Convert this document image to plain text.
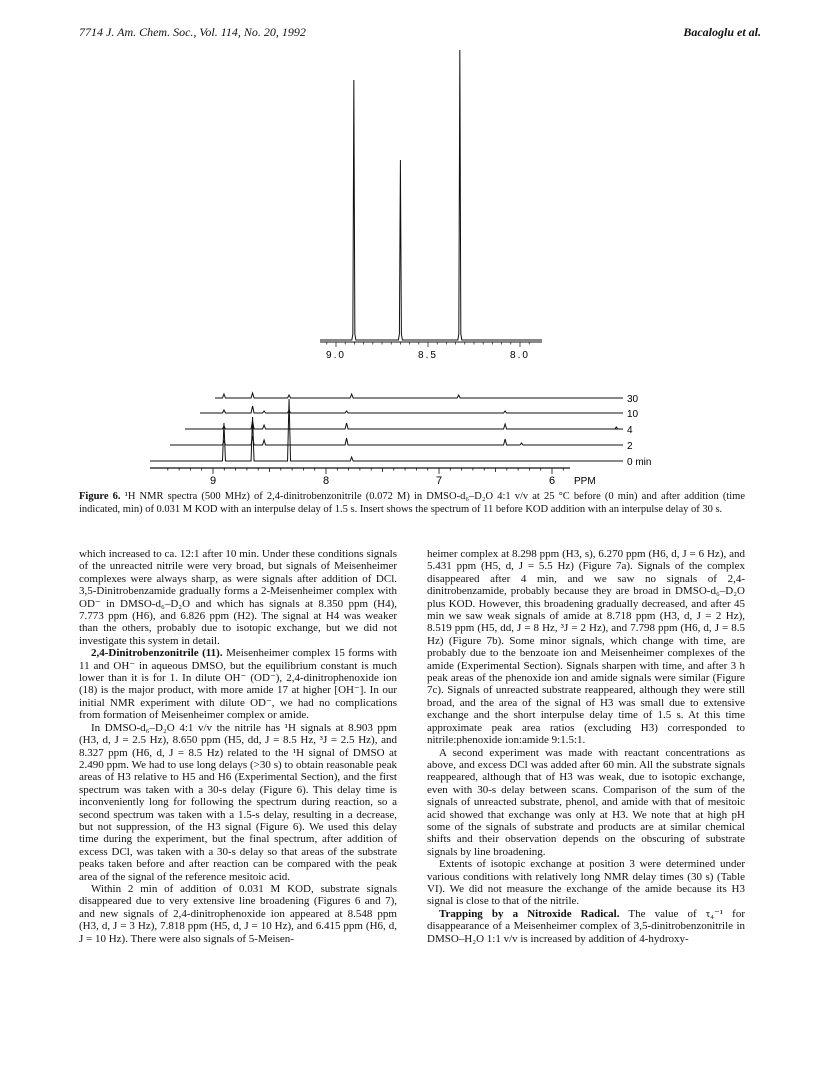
7714 J. Am. Chem. Soc., Vol. 114, No. 20, 1992	Bacaloglu et al.
9.0	8.5	8.0
30
10
4
2
0 min
9	8	7	6 PPM
Figure 6. ¹H NMR spectra (500 MHz) of 2,4-dinitrobenzonitrile (0.072 M) in DMSO-d₆–D₂O 4:1 v/v at 25 °C before (0 min) and after addition (time indicated, min) of 0.031 M KOD with an interpulse delay of 1.5 s. Insert shows the spectrum of 11 before KOD addition with an interpulse delay of 30 s.

which increased to ca. 12:1 after 10 min. Under these conditions signals of the unreacted nitrile were very broad, but signals of Meisenheimer complexes were always sharp, as were signals after addition of DCl. 3,5-Dinitrobenzamide gradually forms a 2-Meisenheimer complex with OD⁻ in DMSO-d₆–D₂O and which has signals at 8.350 ppm (H4), 7.773 ppm (H6), and 6.826 ppm (H2). The signal at H4 was weaker than the others, probably due to isotopic exchange, but we did not investigate this system in detail.

2,4-Dinitrobenzonitrile (11). Meisenheimer complex 15 forms with 11 and OH⁻ in aqueous DMSO, but the equilibrium constant is much lower than it is for 1. In dilute OH⁻ (OD⁻), 2,4-dinitrophenoxide ion (18) is the major product, with more amide 17 at higher [OH⁻]. In our initial NMR experiment with dilute OD⁻, we had no complications from formation of Meisenheimer complex or amide.

In DMSO-d₆–D₂O 4:1 v/v the nitrile has ¹H signals at 8.903 ppm (H3, d, J = 2.5 Hz), 8.650 ppm (H5, dd, J = 8.5 Hz, ³J = 2.5 Hz), and 8.327 ppm (H6, d, J = 8.5 Hz) related to the ¹H signal of DMSO at 2.490 ppm. We had to use long delays (>30 s) to obtain reasonable peak areas of H3 relative to H5 and H6 (Experimental Section), and the first spectrum was taken with a 30-s delay (Figure 6). This delay time is inconveniently long for following the spectrum during reaction, so a second spectrum was taken with a 1.5-s delay, resulting in a decrease, but not suppression, of the H3 signal (Figure 6). We used this delay time during the experiment, but the final spectrum, after addition of excess DCl, was taken with a 30-s delay so that areas of the substrate peaks taken before and after reaction can be compared with the peak area of the signal of the reference mesitoic acid.

Within 2 min of addition of 0.031 M KOD, substrate signals disappeared due to very extensive line broadening (Figures 6 and 7), and new signals of 2,4-dinitrophenoxide ion appeared at 8.548 ppm (H3, d, J = 3 Hz), 7.818 ppm (H5, d, J = 10 Hz), and 6.415 ppm (H6, d, J = 10 Hz). There were also signals of 5-Meisen-

heimer complex at 8.298 ppm (H3, s), 6.270 ppm (H6, d, J = 6 Hz), and 5.431 ppm (H5, d, J = 5.5 Hz) (Figure 7a). Signals of the complex disappeared after 4 min, and we saw no signals of 2,4-dinitrobenzamide, probably because they are broad in DMSO-d₆–D₂O plus KOD. However, this broadening gradually decreased, and after 45 min we saw weak signals of amide at 8.718 ppm (H3, d, J = 2 Hz), 8.519 ppm (H5, dd, J = 8 Hz, ³J = 2 Hz), and 7.798 ppm (H6, d, J = 8.5 Hz) (Figure 7b). Some minor signals, which change with time, are probably due to the benzoate ion and Meisenheimer complexes of the amide (Experimental Section). Signals sharpen with time, and after 3 h peak areas of the phenoxide ion and amide signals were similar (Figure 7c). Signals of unreacted substrate reappeared, although they were still broad, and the area of the signal of H3 was small due to extensive exchange and the short interpulse delay time of 1.5 s. At this time approximate peak area ratios (excluding H3) corresponded to nitrile:phenoxide ion:amide 9:1.5:1.

A second experiment was made with reactant concentrations as above, and excess DCl was added after 60 min. All the substrate signals reappeared, although that of H3 was weak, due to isotopic exchange, even with 30-s delay between scans. Comparison of the sum of the signals of unreacted substrate, phenol, and amide with that of mesitoic acid showed that exchange was only at H3. We note that at high pH some of the signals of substrate and products are at similar chemical shifts and their observation depends on the obscuring of substrate signals by line broadening.

Extents of isotopic exchange at position 3 were determined under various conditions with relatively long NMR delay times (30 s) (Table VI). We did not measure the exchange of the amide because its H3 signal is close to that of the nitrile.

Trapping by a Nitroxide Radical. The value of τ₄⁻¹ for disappearance of a Meisenheimer complex of 3,5-dinitrobenzonitrile in DMSO–H₂O 1:1 v/v is increased by addition of 4-hydroxy-
